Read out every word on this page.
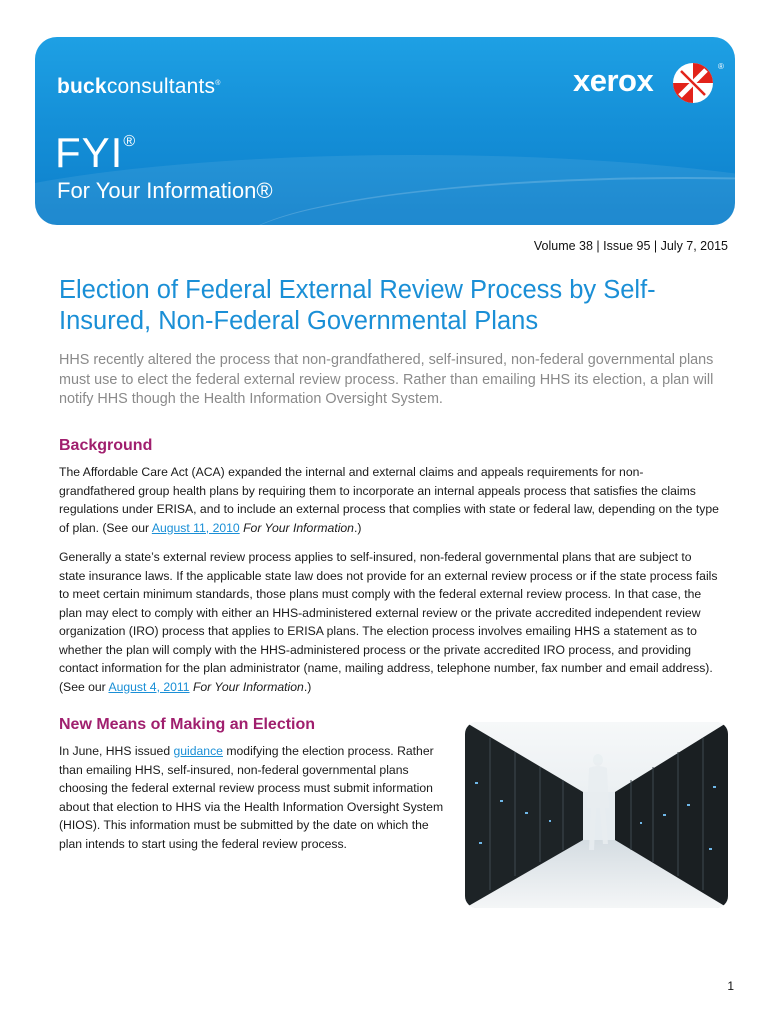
buckconsultants®	xerox	®
FYI®
For Your Information®
Volume 38 | Issue 95 | July 7, 2015
Election of Federal External Review Process by Self-Insured, Non-Federal Governmental Plans

HHS recently altered the process that non-grandfathered, self-insured, non-federal governmental plans must use to elect the federal external review process. Rather than emailing HHS its election, a plan will notify HHS though the Health Information Oversight System.

Background

The Affordable Care Act (ACA) expanded the internal and external claims and appeals requirements for non-grandfathered group health plans by requiring them to incorporate an internal appeals process that satisfies the claims regulations under ERISA, and to include an external process that complies with state or federal law, depending on the type of plan. (See our August 11, 2010 For Your Information.)

Generally a state’s external review process applies to self-insured, non-federal governmental plans that are subject to state insurance laws. If the applicable state law does not provide for an external review process or if the state process fails to meet certain minimum standards, those plans must comply with the federal external review process. In that case, the plan may elect to comply with either an HHS-administered external review or the private accredited independent review organization (IRO) process that applies to ERISA plans. The election process involves emailing HHS a statement as to whether the plan will comply with the HHS-administered process or the private accredited IRO process, and providing contact information for the plan administrator (name, mailing address, telephone number, fax number and email address). (See our August 4, 2011 For Your Information.)

New Means of Making an Election

In June, HHS issued guidance modifying the election process. Rather than emailing HHS, self-insured, non-federal governmental plans choosing the federal external review process must submit information about that election to HHS via the Health Information Oversight System (HIOS). This information must be submitted by the date on which the plan intends to start using the federal review process.

1
